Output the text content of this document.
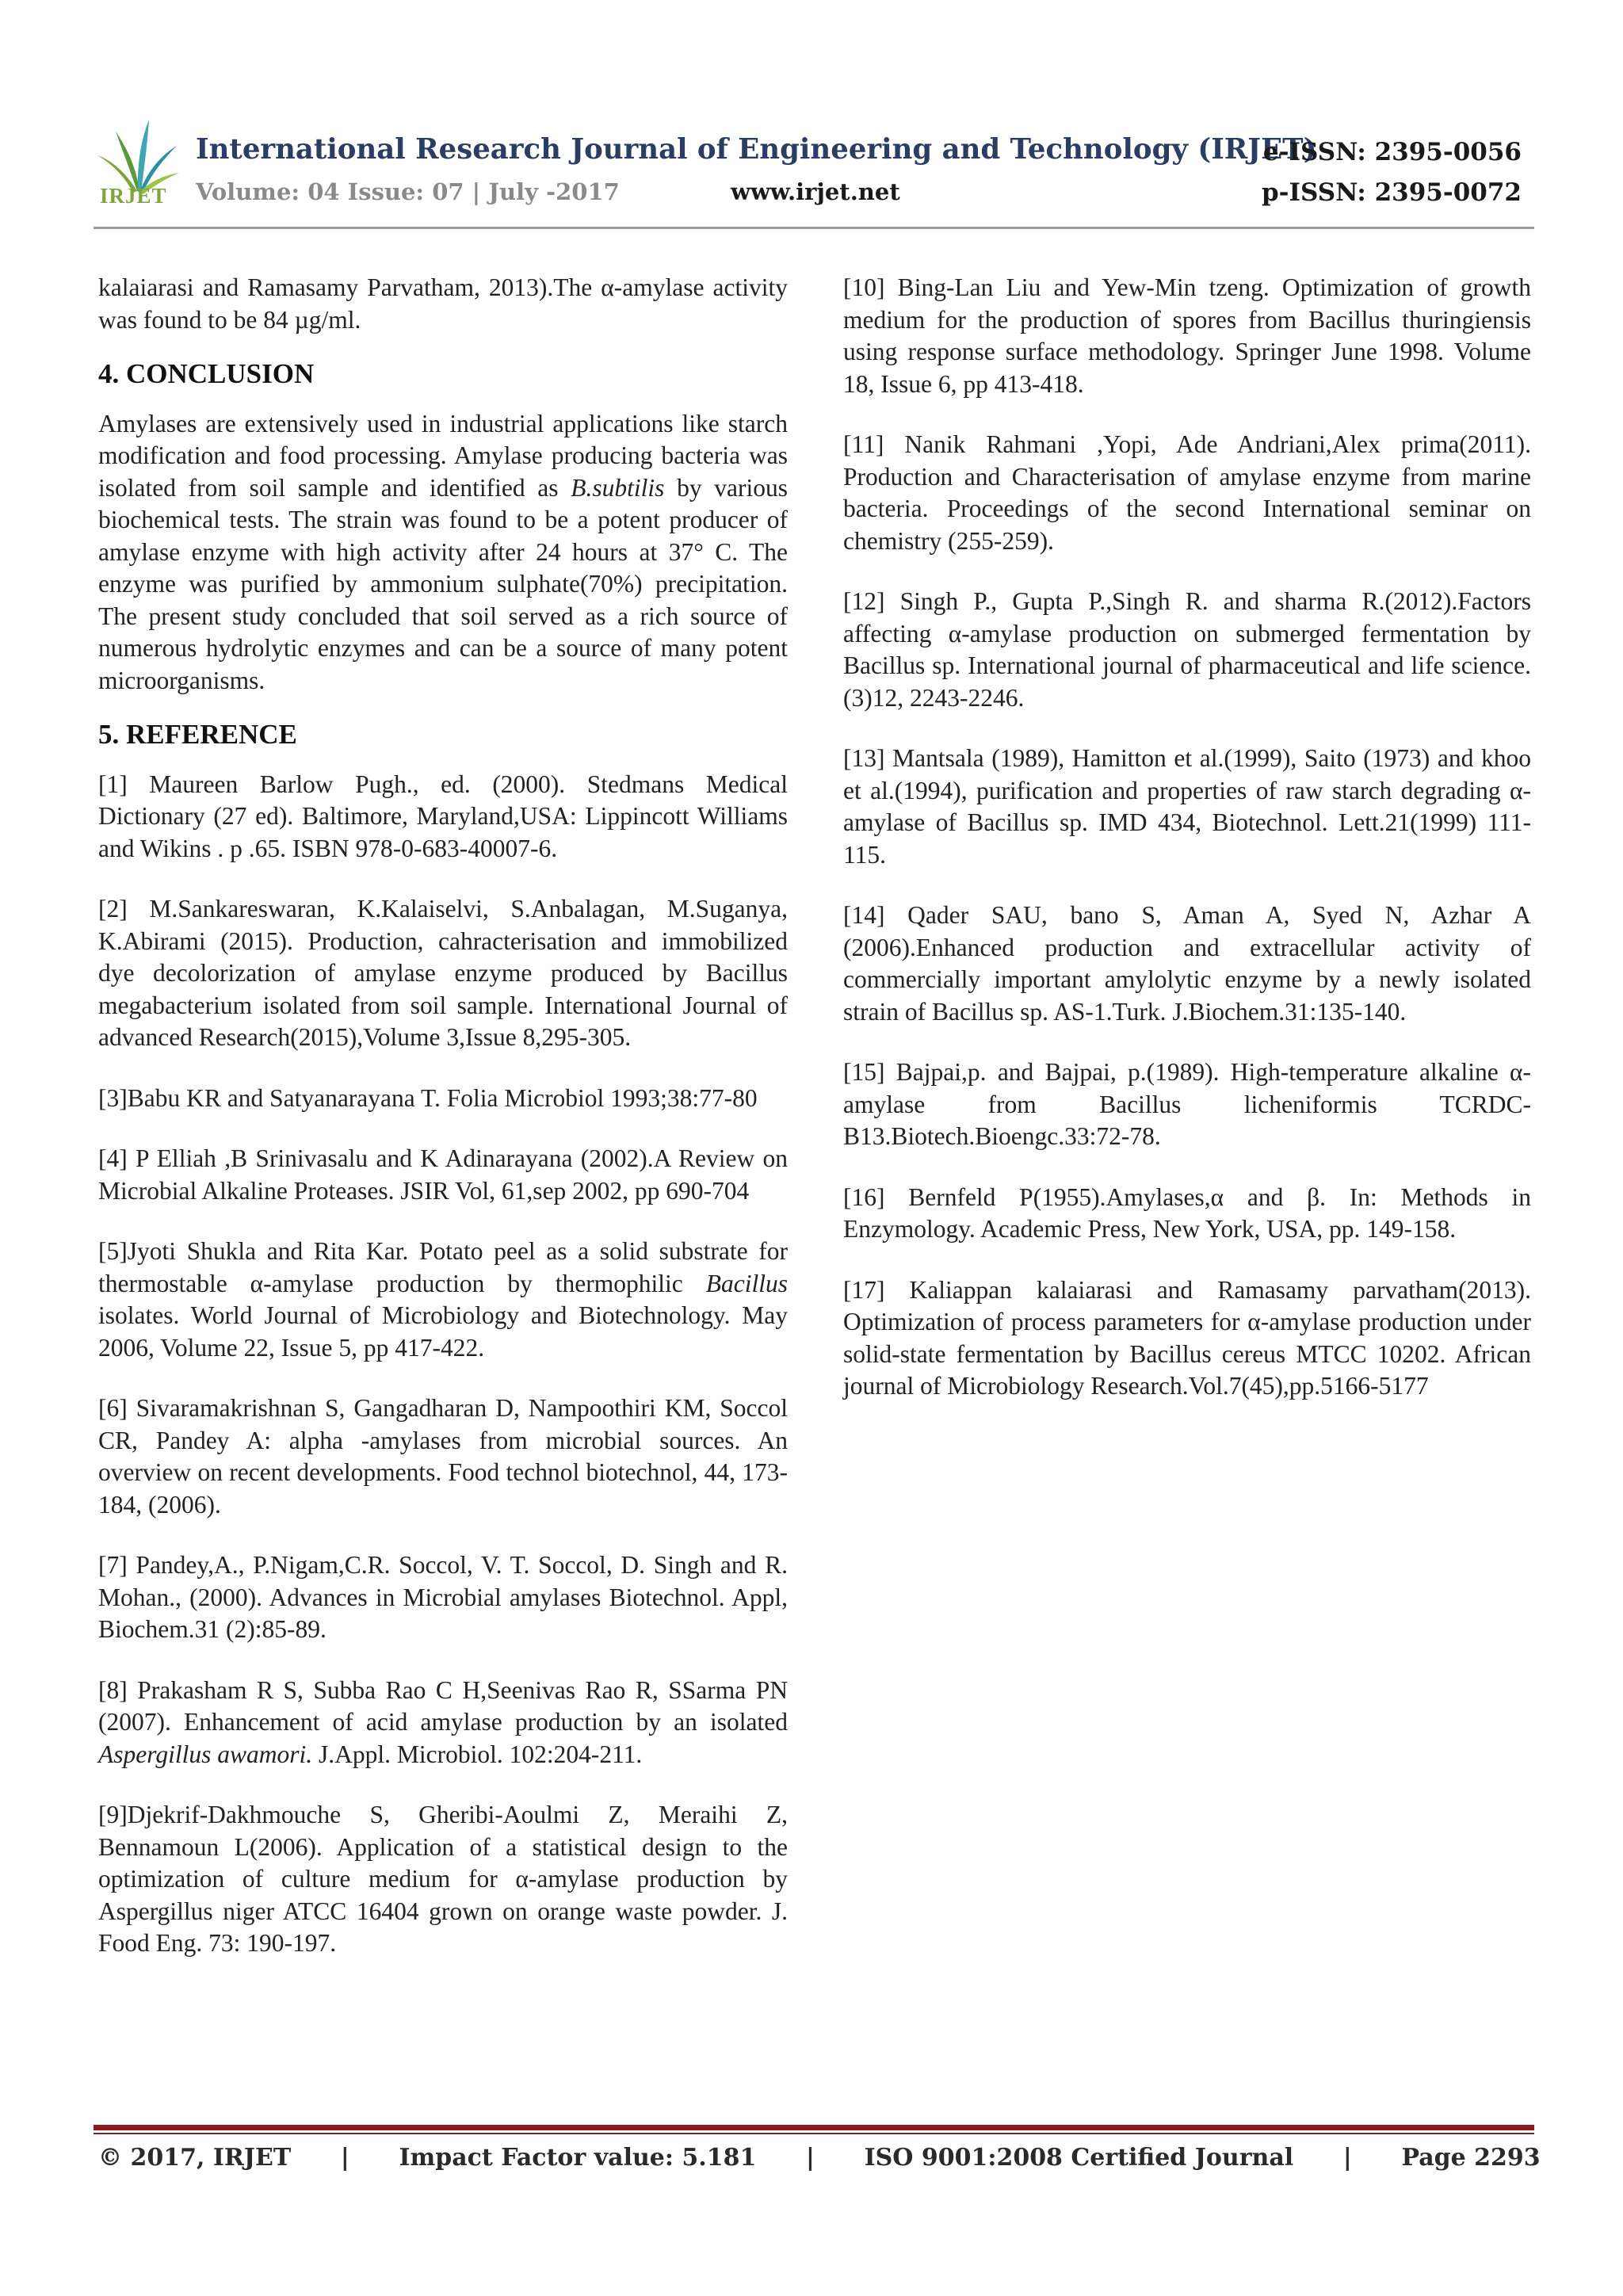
IRJET
International Research Journal of Engineering and Technology (IRJET)
e-ISSN: 2395-0056
Volume: 04 Issue: 07 | July -2017	www.irjet.net	p-ISSN: 2395-0072

kalaiarasi and Ramasamy Parvatham, 2013).The α-amylase activity was found to be 84 µg/ml.

4. CONCLUSION

Amylases are extensively used in industrial applications like starch modification and food processing. Amylase producing bacteria was isolated from soil sample and identified as B.subtilis by various biochemical tests. The strain was found to be a potent producer of amylase enzyme with high activity after 24 hours at 37° C. The enzyme was purified by ammonium sulphate(70%) precipitation. The present study concluded that soil served as a rich source of numerous hydrolytic enzymes and can be a source of many potent microorganisms.

5. REFERENCE

[1] Maureen Barlow Pugh., ed. (2000). Stedmans Medical Dictionary (27 ed). Baltimore, Maryland,USA: Lippincott Williams and Wikins . p .65. ISBN 978-0-683-40007-6.

[2] M.Sankareswaran, K.Kalaiselvi, S.Anbalagan, M.Suganya, K.Abirami (2015). Production, cahracterisation and immobilized dye decolorization of amylase enzyme produced by Bacillus megabacterium isolated from soil sample. International Journal of advanced Research(2015),Volume 3,Issue 8,295-305.

[3]Babu KR and Satyanarayana T. Folia Microbiol 1993;38:77-80

[4] P Elliah ,B Srinivasalu and K Adinarayana (2002).A Review on Microbial Alkaline Proteases. JSIR Vol, 61,sep 2002, pp 690-704

[5]Jyoti Shukla and Rita Kar. Potato peel as a solid substrate for thermostable α-amylase production by thermophilic Bacillus isolates. World Journal of Microbiology and Biotechnology. May 2006, Volume 22, Issue 5, pp 417-422.

[6] Sivaramakrishnan S, Gangadharan D, Nampoothiri KM, Soccol CR, Pandey A: alpha -amylases from microbial sources. An overview on recent developments. Food technol biotechnol, 44, 173-184, (2006).

[7] Pandey,A., P.Nigam,C.R. Soccol, V. T. Soccol, D. Singh and R. Mohan., (2000). Advances in Microbial amylases Biotechnol. Appl, Biochem.31 (2):85-89.

[8] Prakasham R S, Subba Rao C H,Seenivas Rao R, SSarma PN (2007). Enhancement of acid amylase production by an isolated Aspergillus awamori. J.Appl. Microbiol. 102:204-211.

[9]Djekrif-Dakhmouche S, Gheribi-Aoulmi Z, Meraihi Z, Bennamoun L(2006). Application of a statistical design to the optimization of culture medium for α-amylase production by Aspergillus niger ATCC 16404 grown on orange waste powder. J. Food Eng. 73: 190-197.

[10] Bing-Lan Liu and Yew-Min tzeng. Optimization of growth medium for the production of spores from Bacillus thuringiensis using response surface methodology. Springer June 1998. Volume 18, Issue 6, pp 413-418.

[11] Nanik Rahmani ,Yopi, Ade Andriani,Alex prima(2011). Production and Characterisation of amylase enzyme from marine bacteria. Proceedings of the second International seminar on chemistry (255-259).

[12] Singh P., Gupta P.,Singh R. and sharma R.(2012).Factors affecting α-amylase production on submerged fermentation by Bacillus sp. International journal of pharmaceutical and life science. (3)12, 2243-2246.

[13] Mantsala (1989), Hamitton et al.(1999), Saito (1973) and khoo et al.(1994), purification and properties of raw starch degrading α-amylase of Bacillus sp. IMD 434, Biotechnol. Lett.21(1999) 111-115.

[14] Qader SAU, bano S, Aman A, Syed N, Azhar A (2006).Enhanced production and extracellular activity of commercially important amylolytic enzyme by a newly isolated strain of Bacillus sp. AS-1.Turk. J.Biochem.31:135-140.

[15] Bajpai,p. and Bajpai, p.(1989). High-temperature alkaline α-amylase from Bacillus licheniformis TCRDC-B13.Biotech.Bioengc.33:72-78.

[16] Bernfeld P(1955).Amylases,α and β. In: Methods in Enzymology. Academic Press, New York, USA, pp. 149-158.

[17] Kaliappan kalaiarasi and Ramasamy parvatham(2013). Optimization of process parameters for α-amylase production under solid-state fermentation by Bacillus cereus MTCC 10202. African journal of Microbiology Research.Vol.7(45),pp.5166-5177

© 2017, IRJET | Impact Factor value: 5.181 | ISO 9001:2008 Certified Journal | Page 2293
